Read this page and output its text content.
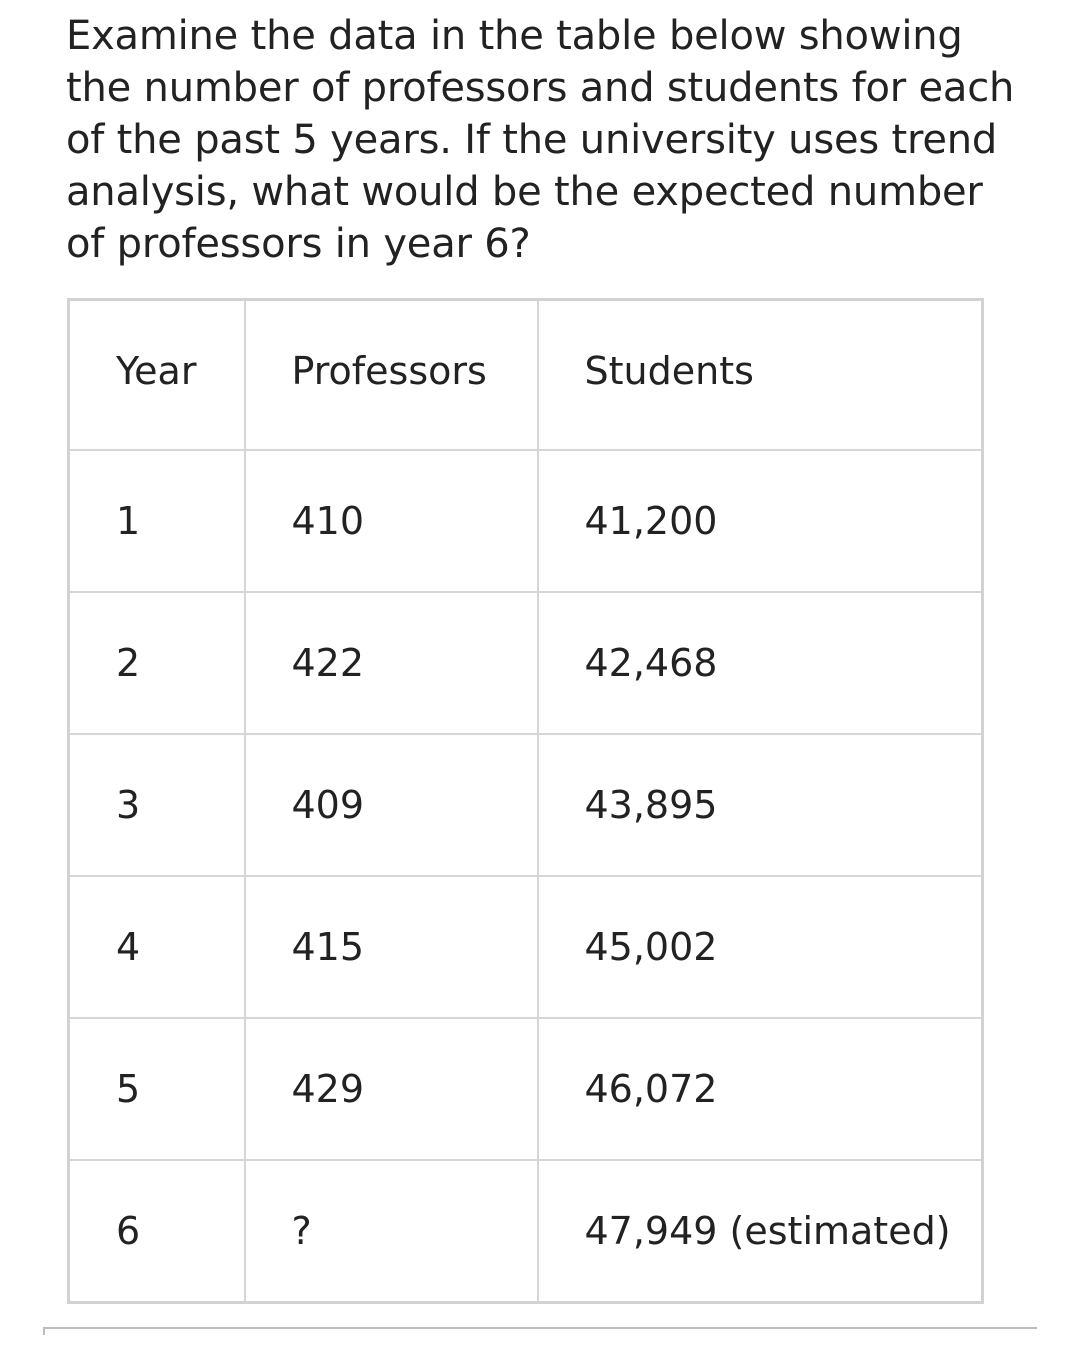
Examine the data in the table below showing the number of professors and students for each of the past 5 years. If the university uses trend analysis, what would be the expected number of professors in year 6?

Year	Professors	Students
1	410	41,200
2	422	42,468
3	409	43,895
4	415	45,002
5	429	46,072
6	?	47,949 (estimated)
